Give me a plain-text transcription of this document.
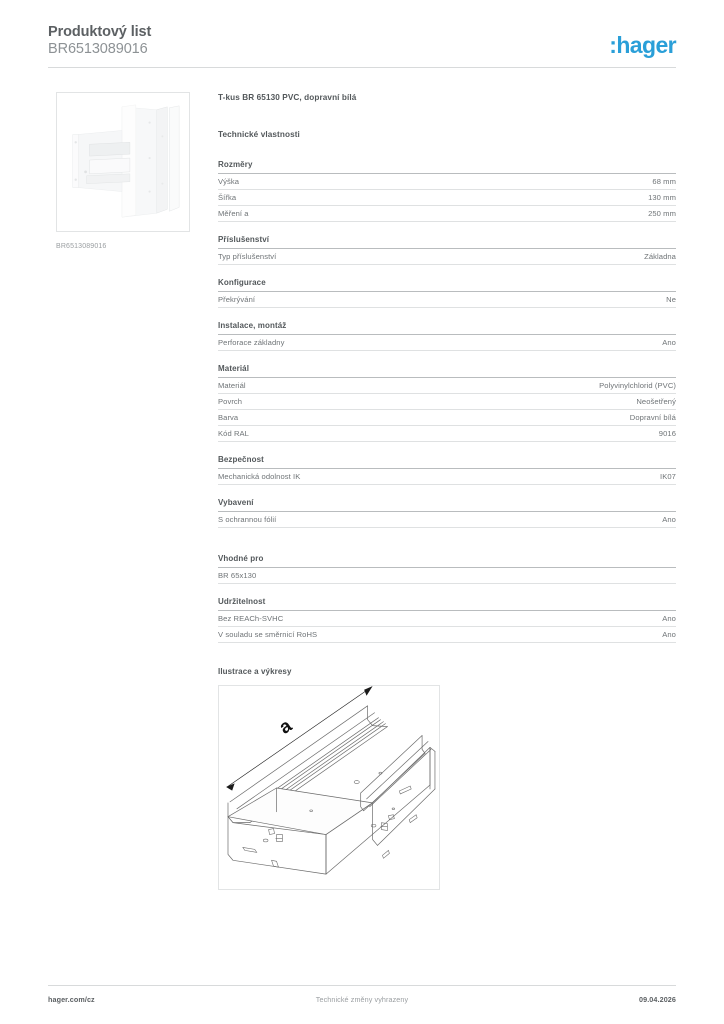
Produktový list
BR6513089016	:hager
BR6513089016
T-kus BR 65130 PVC, dopravní bílá
Technické vlastnosti
Rozměry
Výška	68 mm
Šířka	130 mm
Měření a	250 mm
Příslušenství
Typ příslušenství	Základna
Konfigurace
Překrývání	Ne
Instalace, montáž
Perforace základny	Ano
Materiál
Materiál	Polyvinylchlorid (PVC)
Povrch	Neošetřený
Barva	Dopravní bílá
Kód RAL	9016
Bezpečnost
Mechanická odolnost IK	IK07
Vybavení
S ochrannou fólií	Ano
Vhodné pro
BR 65x130
Udržitelnost
Bez REACh-SVHC	Ano
V souladu se směrnicí RoHS	Ano
Ilustrace a výkresy
a
hager.com/cz	Technické změny vyhrazeny	09.04.2026
